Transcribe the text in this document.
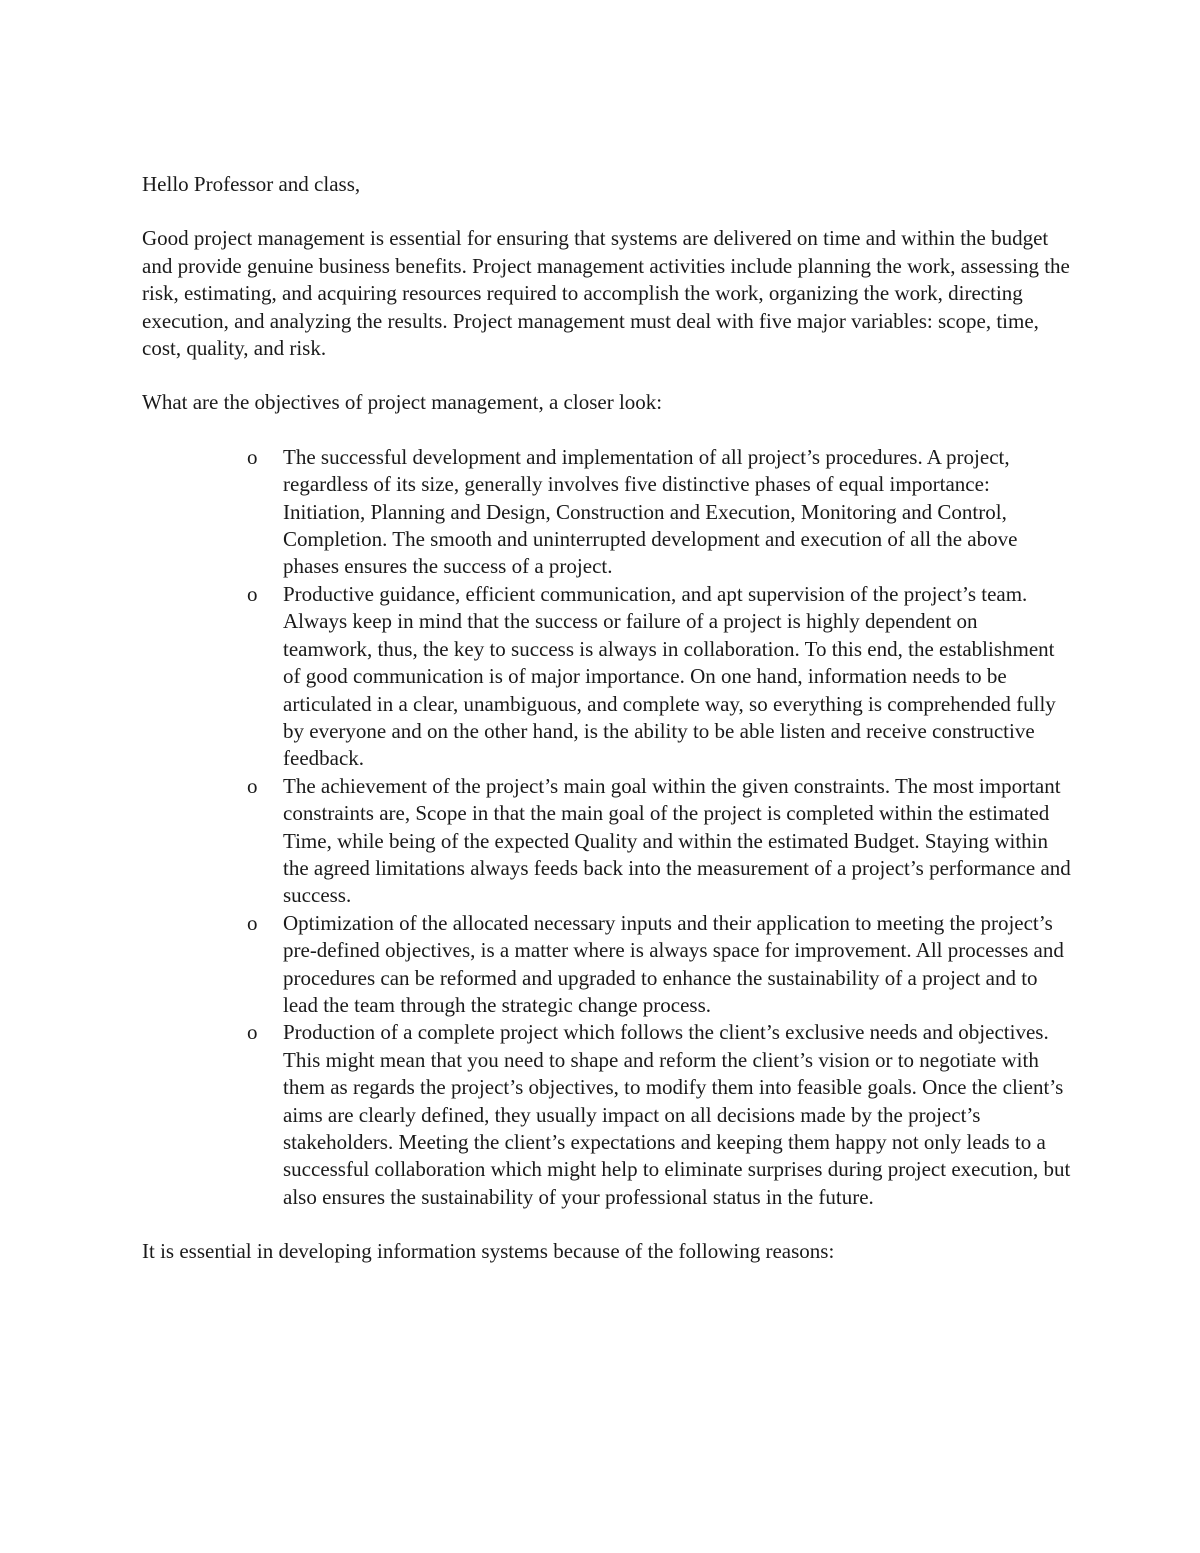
Hello Professor and class,

Good project management is essential for ensuring that systems are delivered on time and within the budget and provide genuine business benefits. Project management activities include planning the work, assessing the risk, estimating, and acquiring resources required to accomplish the work, organizing the work, directing execution, and analyzing the results. Project management must deal with five major variables: scope, time, cost, quality, and risk.

What are the objectives of project management, a closer look:

o The successful development and implementation of all project’s procedures. A project, regardless of its size, generally involves five distinctive phases of equal importance: Initiation, Planning and Design, Construction and Execution, Monitoring and Control, Completion. The smooth and uninterrupted development and execution of all the above phases ensures the success of a project.
o Productive guidance, efficient communication, and apt supervision of the project’s team. Always keep in mind that the success or failure of a project is highly dependent on teamwork, thus, the key to success is always in collaboration. To this end, the establishment of good communication is of major importance. On one hand, information needs to be articulated in a clear, unambiguous, and complete way, so everything is comprehended fully by everyone and on the other hand, is the ability to be able listen and receive constructive feedback.
o The achievement of the project’s main goal within the given constraints. The most important constraints are, Scope in that the main goal of the project is completed within the estimated Time, while being of the expected Quality and within the estimated Budget. Staying within the agreed limitations always feeds back into the measurement of a project’s performance and success.
o Optimization of the allocated necessary inputs and their application to meeting the project’s pre-defined objectives, is a matter where is always space for improvement. All processes and procedures can be reformed and upgraded to enhance the sustainability of a project and to lead the team through the strategic change process.
o Production of a complete project which follows the client’s exclusive needs and objectives. This might mean that you need to shape and reform the client’s vision or to negotiate with them as regards the project’s objectives, to modify them into feasible goals. Once the client’s aims are clearly defined, they usually impact on all decisions made by the project’s stakeholders. Meeting the client’s expectations and keeping them happy not only leads to a successful collaboration which might help to eliminate surprises during project execution, but also ensures the sustainability of your professional status in the future.

It is essential in developing information systems because of the following reasons:
